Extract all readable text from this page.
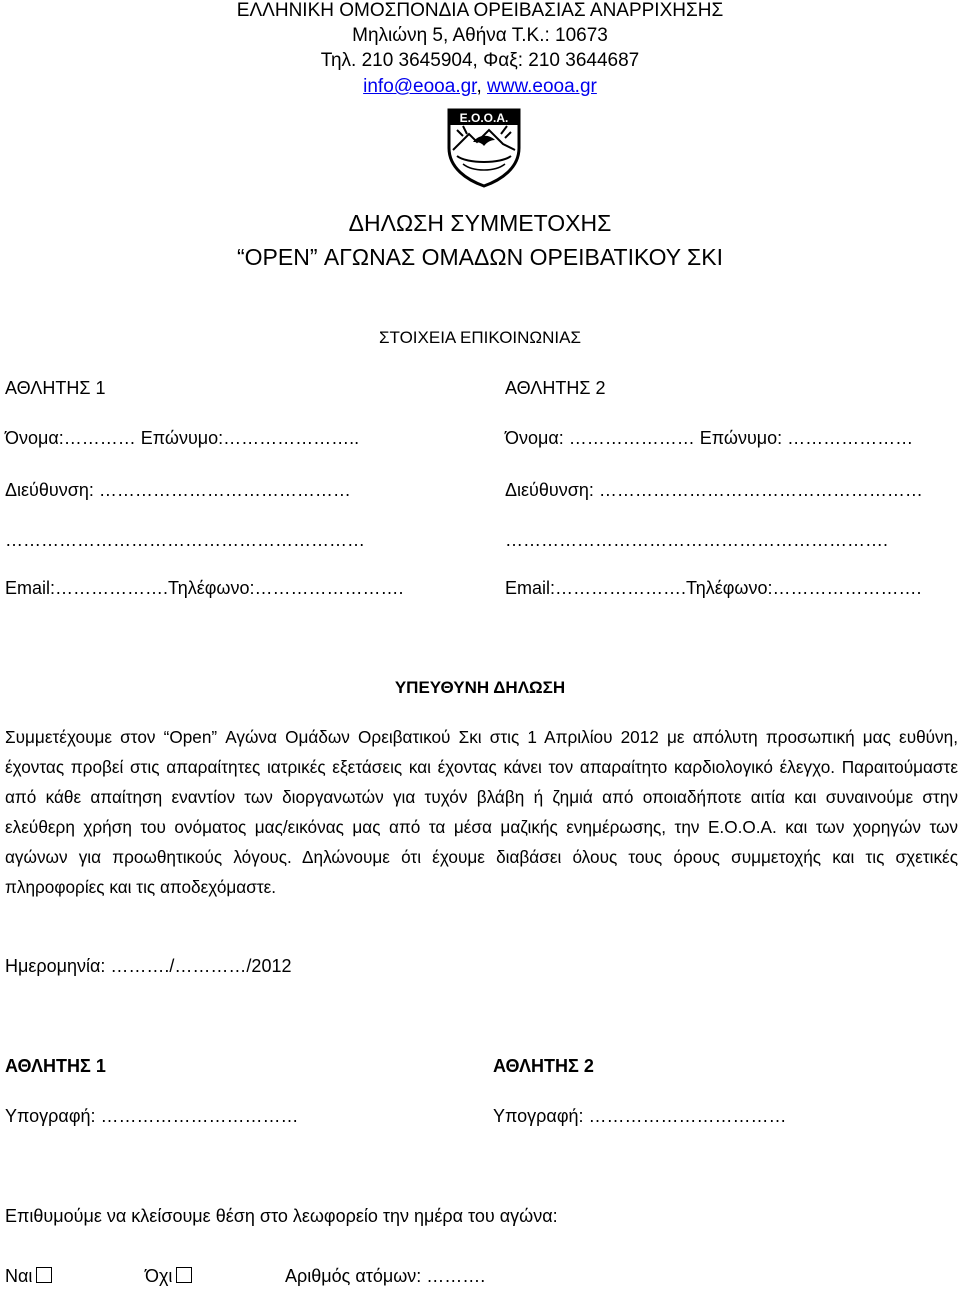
ΕΛΛΗΝΙΚΗ ΟΜΟΣΠΟΝΔΙΑ ΟΡΕΙΒΑΣΙΑΣ ΑΝΑΡΡΙΧΗΣΗΣ
Μηλιώνη 5, Αθήνα Τ.Κ.: 10673
Τηλ. 210 3645904, Φαξ: 210 3644687
info@eooa.gr, www.eooa.gr
Ε.Ο.Ο.Α.
ΔΗΛΩΣΗ ΣΥΜΜΕΤΟΧΗΣ
“OPEN” ΑΓΩΝΑΣ ΟΜΑΔΩΝ ΟΡΕΙΒΑΤΙΚΟΥ ΣΚΙ
ΣΤΟΙΧΕΙΑ ΕΠΙΚΟΙΝΩΝΙΑΣ
ΑΘΛΗΤΗΣ 1
Όνομα:………… Επώνυμο:…………………..
Διεύθυνση: ……………………………………
……………………………………………………
Email:……………….Τηλέφωνο:…………………….
ΑΘΛΗΤΗΣ 2
Όνομα: ………………… Επώνυμο: …………………
Διεύθυνση: ………………………………………………
……………………………………………………….
Email:………………….Τηλέφωνο:…………………….
ΥΠΕΥΘΥΝΗ ΔΗΛΩΣΗ
Συμμετέχουμε στον “Open” Αγώνα Ομάδων Ορειβατικού Σκι στις 1 Απριλίου 2012 με απόλυτη προσωπική μας ευθύνη, έχοντας προβεί στις απαραίτητες ιατρικές εξετάσεις και έχοντας κάνει τον απαραίτητο καρδιολογικό έλεγχο. Παραιτούμαστε από κάθε απαίτηση εναντίον των διοργανωτών για τυχόν βλάβη ή ζημιά από οποιαδήποτε αιτία και συναινούμε στην ελεύθερη χρήση του ονόματος μας/εικόνας μας από τα μέσα μαζικής ενημέρωσης, την Ε.Ο.Ο.Α. και των χορηγών των αγώνων για προωθητικούς λόγους. Δηλώνουμε ότι έχουμε διαβάσει όλους τους όρους συμμετοχής και τις σχετικές πληροφορίες και τις αποδεχόμαστε.
Ημερομηνία: ………./…………/2012
ΑΘΛΗΤΗΣ 1
Υπογραφή: ……………………………
ΑΘΛΗΤΗΣ 2
Υπογραφή: ……………………………
Επιθυμούμε να κλείσουμε θέση στο λεωφορείο την ημέρα του αγώνα:
Ναι	Όχι	Αριθμός ατόμων: ……….
